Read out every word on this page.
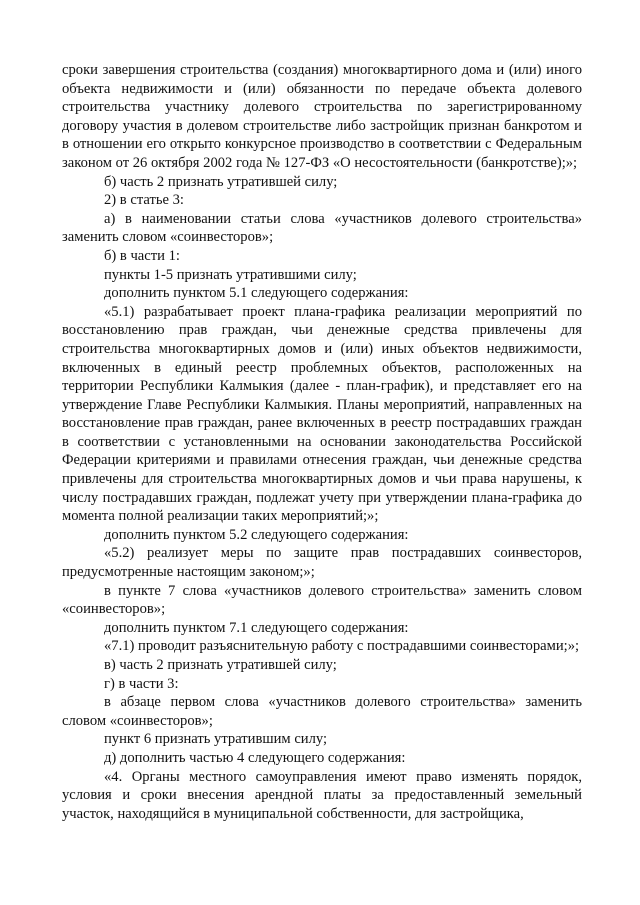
сроки завершения строительства (создания) многоквартирного дома и (или) иного объекта недвижимости и (или) обязанности по передаче объекта долевого строительства участнику долевого строительства по зарегистрированному договору участия в долевом строительстве либо застройщик признан банкротом и в отношении его открыто конкурсное производство в соответствии с Федеральным законом от 26 октября 2002 года № 127-ФЗ «О несостоятельности (банкротстве);»;

б) часть 2 признать утратившей силу;

2) в статье 3:

а) в наименовании статьи слова «участников долевого строительства» заменить словом «соинвесторов»;

б) в части 1:

пункты 1-5 признать утратившими силу;

дополнить пунктом 5.1 следующего содержания:

«5.1) разрабатывает проект плана-графика реализации мероприятий по восстановлению прав граждан, чьи денежные средства привлечены для строительства многоквартирных домов и (или) иных объектов недвижимости, включенных в единый реестр проблемных объектов, расположенных на территории Республики Калмыкия (далее - план-график), и представляет его на утверждение Главе Республики Калмыкия. Планы мероприятий, направленных на восстановление прав граждан, ранее включенных в реестр пострадавших граждан в соответствии с установленными на основании законодательства Российской Федерации критериями и правилами отнесения граждан, чьи денежные средства привлечены для строительства многоквартирных домов и чьи права нарушены, к числу пострадавших граждан, подлежат учету при утверждении плана-графика до момента полной реализации таких мероприятий;»;

дополнить пунктом 5.2 следующего содержания:

«5.2) реализует меры по защите прав пострадавших соинвесторов, предусмотренные настоящим законом;»;

в пункте 7 слова «участников долевого строительства» заменить словом «соинвесторов»;

дополнить пунктом 7.1 следующего содержания:

«7.1) проводит разъяснительную работу с пострадавшими соинвесторами;»;

в) часть 2 признать утратившей силу;

г) в части 3:

в абзаце первом слова «участников долевого строительства» заменить словом «соинвесторов»;

пункт 6 признать утратившим силу;

д) дополнить частью 4 следующего содержания:

«4. Органы местного самоуправления имеют право изменять порядок, условия и сроки внесения арендной платы за предоставленный земельный участок, находящийся в муниципальной собственности, для застройщика,
